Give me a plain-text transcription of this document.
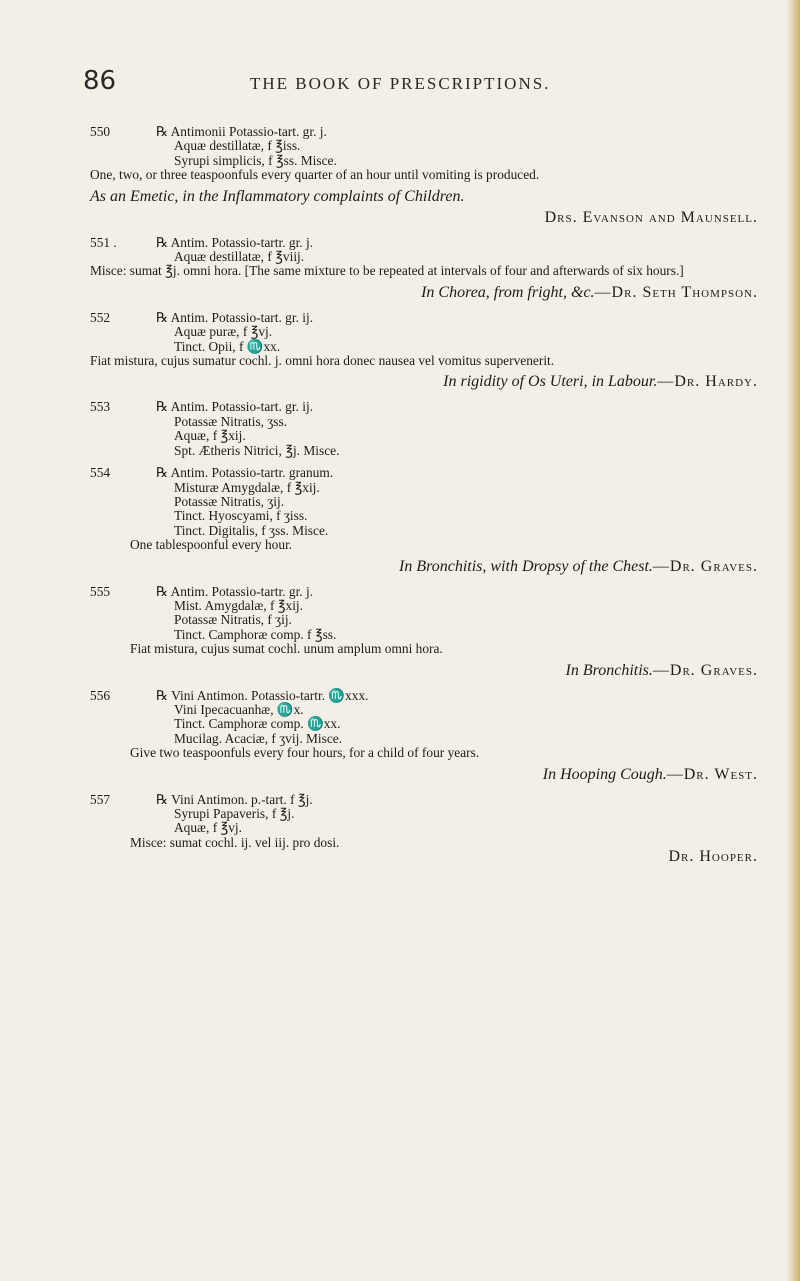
86	THE BOOK OF PRESCRIPTIONS.
550	℞ Antimonii Potassio-tart. gr. j.
Aquæ destillatæ, f ℥iss.
Syrupi simplicis, f ℥ss. Misce.
One, two, or three teaspoonfuls every quarter of an hour until vomiting is produced.
As an Emetic, in the Inflammatory complaints of Children.
Drs. Evanson and Maunsell.
551 .	℞ Antim. Potassio-tartr. gr. j.
Aquæ destillatæ, f ℥viij.
Misce: sumat ℥j. omni hora. [The same mixture to be repeated at intervals of four and afterwards of six hours.]
In Chorea, from fright, &c.—Dr. Seth Thompson.
552	℞ Antim. Potassio-tart. gr. ij.
Aquæ puræ, f ℥vj.
Tinct. Opii, f ♏xx.
Fiat mistura, cujus sumatur cochl. j. omni hora donec nausea vel vomitus supervenerit.
In rigidity of Os Uteri, in Labour.—Dr. Hardy.
553	℞ Antim. Potassio-tart. gr. ij.
Potassæ Nitratis, ʒss.
Aquæ, f ℥xij.
Spt. Ætheris Nitrici, ℥j. Misce.
554	℞ Antim. Potassio-tartr. granum.
Misturæ Amygdalæ, f ℥xij.
Potassæ Nitratis, ʒij.
Tinct. Hyoscyami, f ʒiss.
Tinct. Digitalis, f ʒss. Misce.
One tablespoonful every hour.
In Bronchitis, with Dropsy of the Chest.—Dr. Graves.
555	℞ Antim. Potassio-tartr. gr. j.
Mist. Amygdalæ, f ℥xij.
Potassæ Nitratis, f ʒij.
Tinct. Camphoræ comp. f ℥ss.
Fiat mistura, cujus sumat cochl. unum amplum omni hora.
In Bronchitis.—Dr. Graves.
556	℞ Vini Antimon. Potassio-tartr. ♏xxx.
Vini Ipecacuanhæ, ♏x.
Tinct. Camphoræ comp. ♏xx.
Mucilag. Acaciæ, f ʒvij. Misce.
Give two teaspoonfuls every four hours, for a child of four years.
In Hooping Cough.—Dr. West.
557	℞ Vini Antimon. p.-tart. f ℥j.
Syrupi Papaveris, f ℥j.
Aquæ, f ℥vj.
Misce: sumat cochl. ij. vel iij. pro dosi.
Dr. Hooper.
